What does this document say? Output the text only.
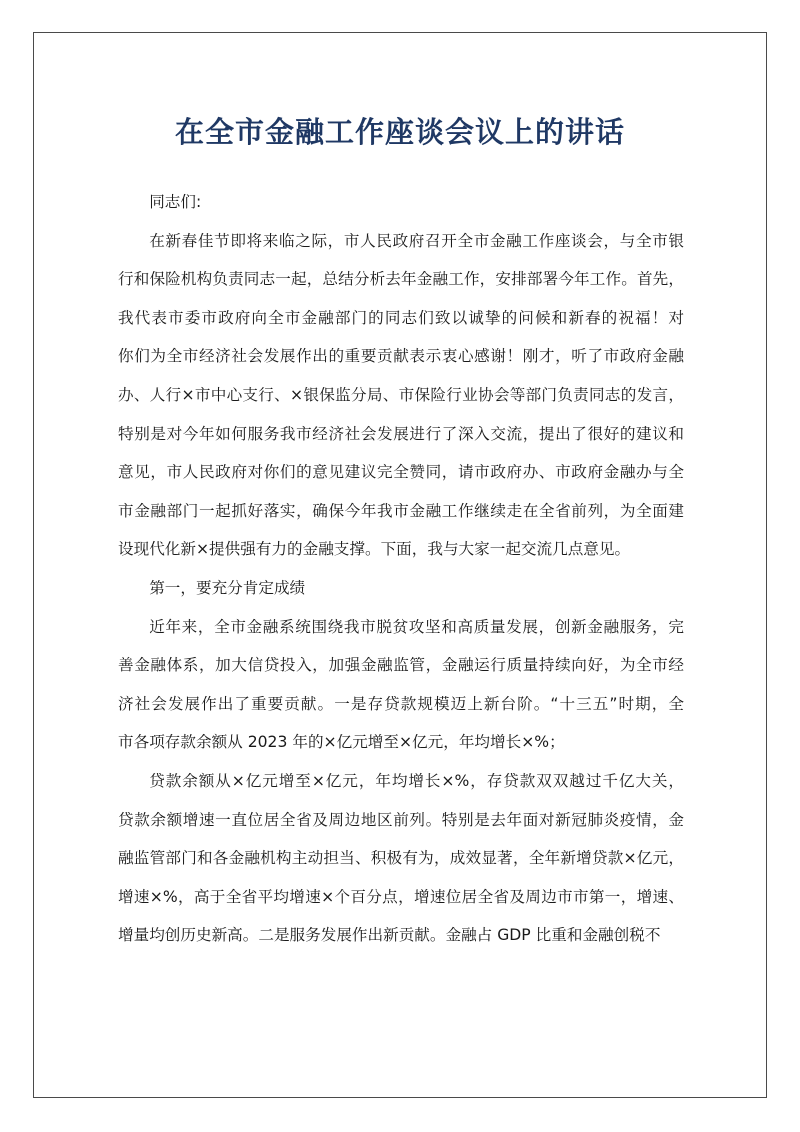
在全市金融工作座谈会议上的讲话
同志们:
在新春佳节即将来临之际，市人民政府召开全市金融工作座谈会，与全市银
行和保险机构负责同志一起，总结分析去年金融工作，安排部署今年工作。首先，
我代表市委市政府向全市金融部门的同志们致以诚挚的问候和新春的祝福！对
你们为全市经济社会发展作出的重要贡献表示衷心感谢！刚才，听了市政府金融
办、人行×市中心支行、×银保监分局、市保险行业协会等部门负责同志的发言，
特别是对今年如何服务我市经济社会发展进行了深入交流，提出了很好的建议和
意见，市人民政府对你们的意见建议完全赞同，请市政府办、市政府金融办与全
市金融部门一起抓好落实，确保今年我市金融工作继续走在全省前列，为全面建
设现代化新×提供强有力的金融支撑。下面，我与大家一起交流几点意见。
第一，要充分肯定成绩
近年来，全市金融系统围绕我市脱贫攻坚和高质量发展，创新金融服务，完
善金融体系，加大信贷投入，加强金融监管，金融运行质量持续向好，为全市经
济社会发展作出了重要贡献。一是存贷款规模迈上新台阶。“十三五”时期，全
市各项存款余额从 2023 年的×亿元增至×亿元，年均增长×%；
贷款余额从×亿元增至×亿元，年均增长×%，存贷款双双越过千亿大关，
贷款余额增速一直位居全省及周边地区前列。特别是去年面对新冠肺炎疫情，金
融监管部门和各金融机构主动担当、积极有为，成效显著，全年新增贷款×亿元，
增速×%，高于全省平均增速×个百分点，增速位居全省及周边市市第一，增速、
增量均创历史新高。二是服务发展作出新贡献。金融占 GDP 比重和金融创税不
